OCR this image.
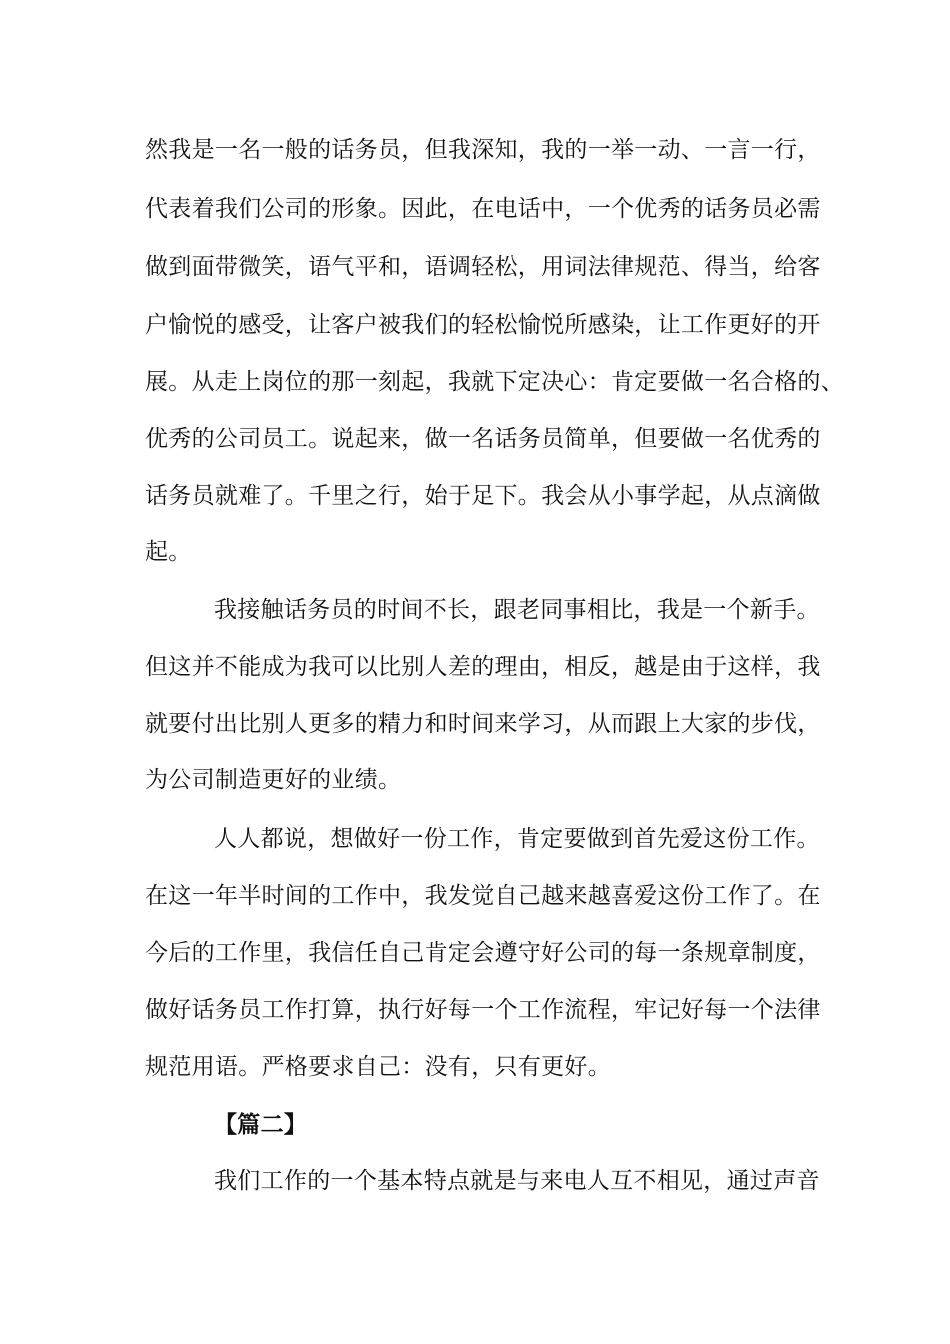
然我是一名一般的话务员，但我深知，我的一举一动、一言一行，
代表着我们公司的形象。因此，在电话中，一个优秀的话务员必需
做到面带微笑，语气平和，语调轻松，用词法律规范、得当，给客
户愉悦的感受，让客户被我们的轻松愉悦所感染，让工作更好的开
展。从走上岗位的那一刻起，我就下定决心：肯定要做一名合格的、
优秀的公司员工。说起来，做一名话务员简单，但要做一名优秀的
话务员就难了。千里之行，始于足下。我会从小事学起，从点滴做
起。
我接触话务员的时间不长，跟老同事相比，我是一个新手。
但这并不能成为我可以比别人差的理由，相反，越是由于这样，我
就要付出比别人更多的精力和时间来学习，从而跟上大家的步伐，
为公司制造更好的业绩。
人人都说，想做好一份工作，肯定要做到首先爱这份工作。
在这一年半时间的工作中，我发觉自己越来越喜爱这份工作了。在
今后的工作里，我信任自己肯定会遵守好公司的每一条规章制度，
做好话务员工作打算，执行好每一个工作流程，牢记好每一个法律
规范用语。严格要求自己：没有，只有更好。
【篇二】
我们工作的一个基本特点就是与来电人互不相见，通过声音
